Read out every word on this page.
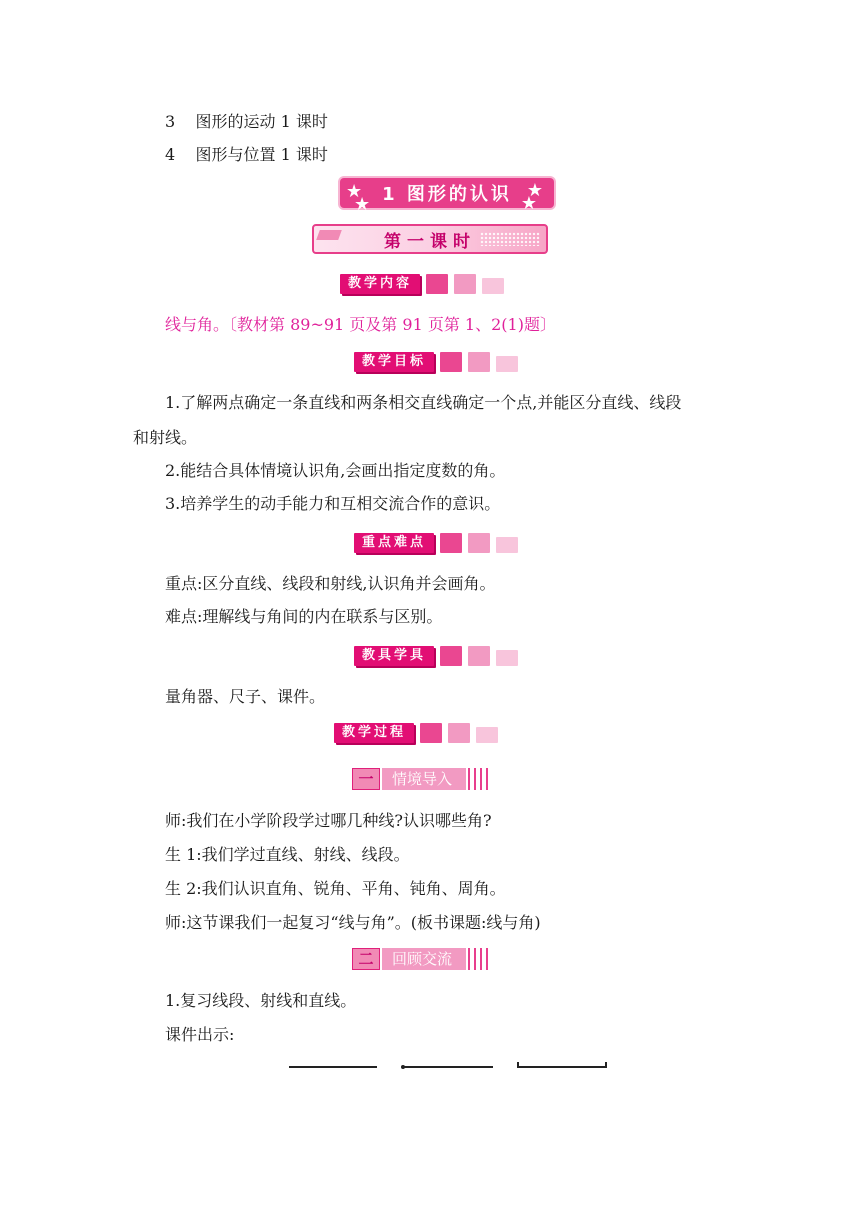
3 图形的运动 1 课时
4 图形与位置 1 课时
★
★
★
★
1 图形的认识
第一课时
教学内容
线与角。〔教材第 89~91 页及第 91 页第 1、2(1)题〕
教学目标
1.了解两点确定一条直线和两条相交直线确定一个点,并能区分直线、线段
和射线。
2.能结合具体情境认识角,会画出指定度数的角。
3.培养学生的动手能力和互相交流合作的意识。
重点难点
重点:区分直线、线段和射线,认识角并会画角。
难点:理解线与角间的内在联系与区别。
教具学具
量角器、尺子、课件。
教学过程
一	情境导入
师:我们在小学阶段学过哪几种线?认识哪些角?
生 1:我们学过直线、射线、线段。
生 2:我们认识直角、锐角、平角、钝角、周角。
师:这节课我们一起复习“线与角”。(板书课题:线与角)
二	回顾交流
1.复习线段、射线和直线。
课件出示:
